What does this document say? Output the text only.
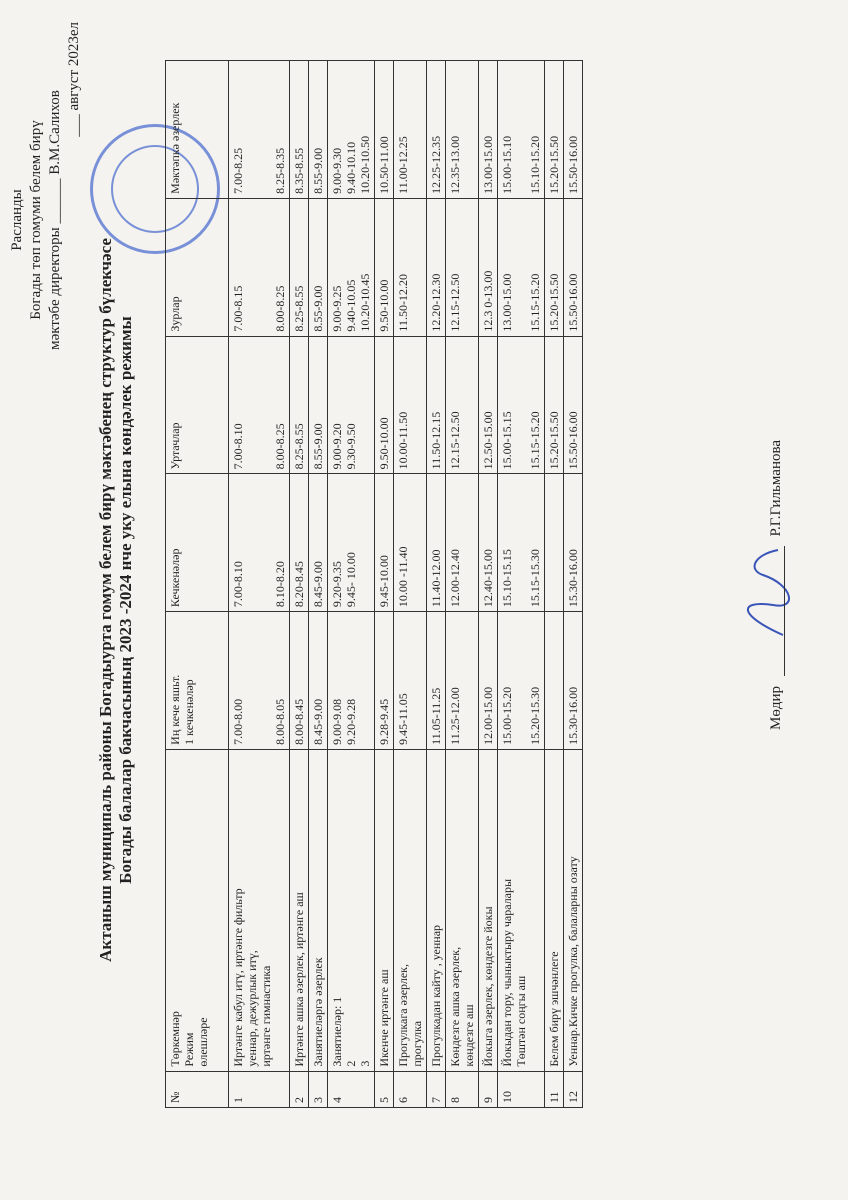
Расланды Богады төп гомуми белем бирү мәктәбе директоры ______ В.М.Салихов ___ август 2023ел
Актаныш муниципаль районы Богадыурта гомум белем бирү мәктәбенең структур бүлекчәсе Богады балалар бакчасының 2023 -2024 нче уку елына көндәлек режимы
№	Төркемнәр
Режим
өлешләре	Иң кече яшьт.
1 кечкенәләр	Кечкенәләр	Уртачлар	Зурлар	Мәктәпкә әзерлек
1	Иртәнге кабул итү, иртәнге фильтр
уеннар, дежурлык итү,
иртәнге гимнастика	7.00-8.00

8.00-8.05	7.00-8.10

8.10-8.20	7.00-8.10

8.00-8.25	7.00-8.15

8.00-8.25	7.00-8.25

8.25-8.35
2	Иртәнге ашка әзерлек, иртәнге аш	8.00-8.45	8.20-8.45	8.25-8.55	8.25-8.55	8.35-8.55
3	Занятиеләргә әзерлек	8.45-9.00	8.45-9.00	8.55-9.00	8.55-9.00	8.55-9.00
4	Занятиеләр: 1
2
3	9.00-9.08
9.20-9.28	9.20-9.35
9.45- 10.00	9.00-9.20
9.30-9.50	9.00-9.25
9.40-10.05
10.20-10.45	9.00-9.30
9.40-10.10
10.20-10.50
5	Икенче иртәнге аш	9.28-9.45	9.45-10.00	9.50-10.00	9.50-10.00	10.50-11.00
6	Прогулкага әзерлек,
прогулка	9.45-11.05	10.00 -11.40	10.00-11.50	11.50-12.20	11.00-12.25
7	Прогулкадан кайту , уеннар	11.05-11.25	11.40-12.00	11.50-12.15	12.20-12.30	12.25-12.35
8	Көндезге ашка әзерлек,
көндезге аш	11.25-12.00	12.00-12.40	12.15-12.50	12.15-12.50	12.35-13.00
9	Йокыга әзерлек, көндезге йокы	12.00-15.00	12.40-15.00	12.50-15.00	12.3 0-13.00	13.00-15.00
10	Йокыдан тору, чыныктыру чаралары
Төштән соңгы аш	15.00-15.20

15.20-15.30	15.10-15.15

15.15-15.30	15.00-15.15

15.15-15.20	13.00-15.00

15.15-15.20	15.00-15.10

15.10-15.20
11	Белем бирү эшчәнлеге			15.20-15.50	15.20-15.50	15.20-15.50
12	Уеннар.Кичке прогулка, балаларны озату	15.30-16.00	15.30-16.00	15.50-16.00	15.50-16.00	15.50-16.00
Мөдир  Р.Г.Гильманова
